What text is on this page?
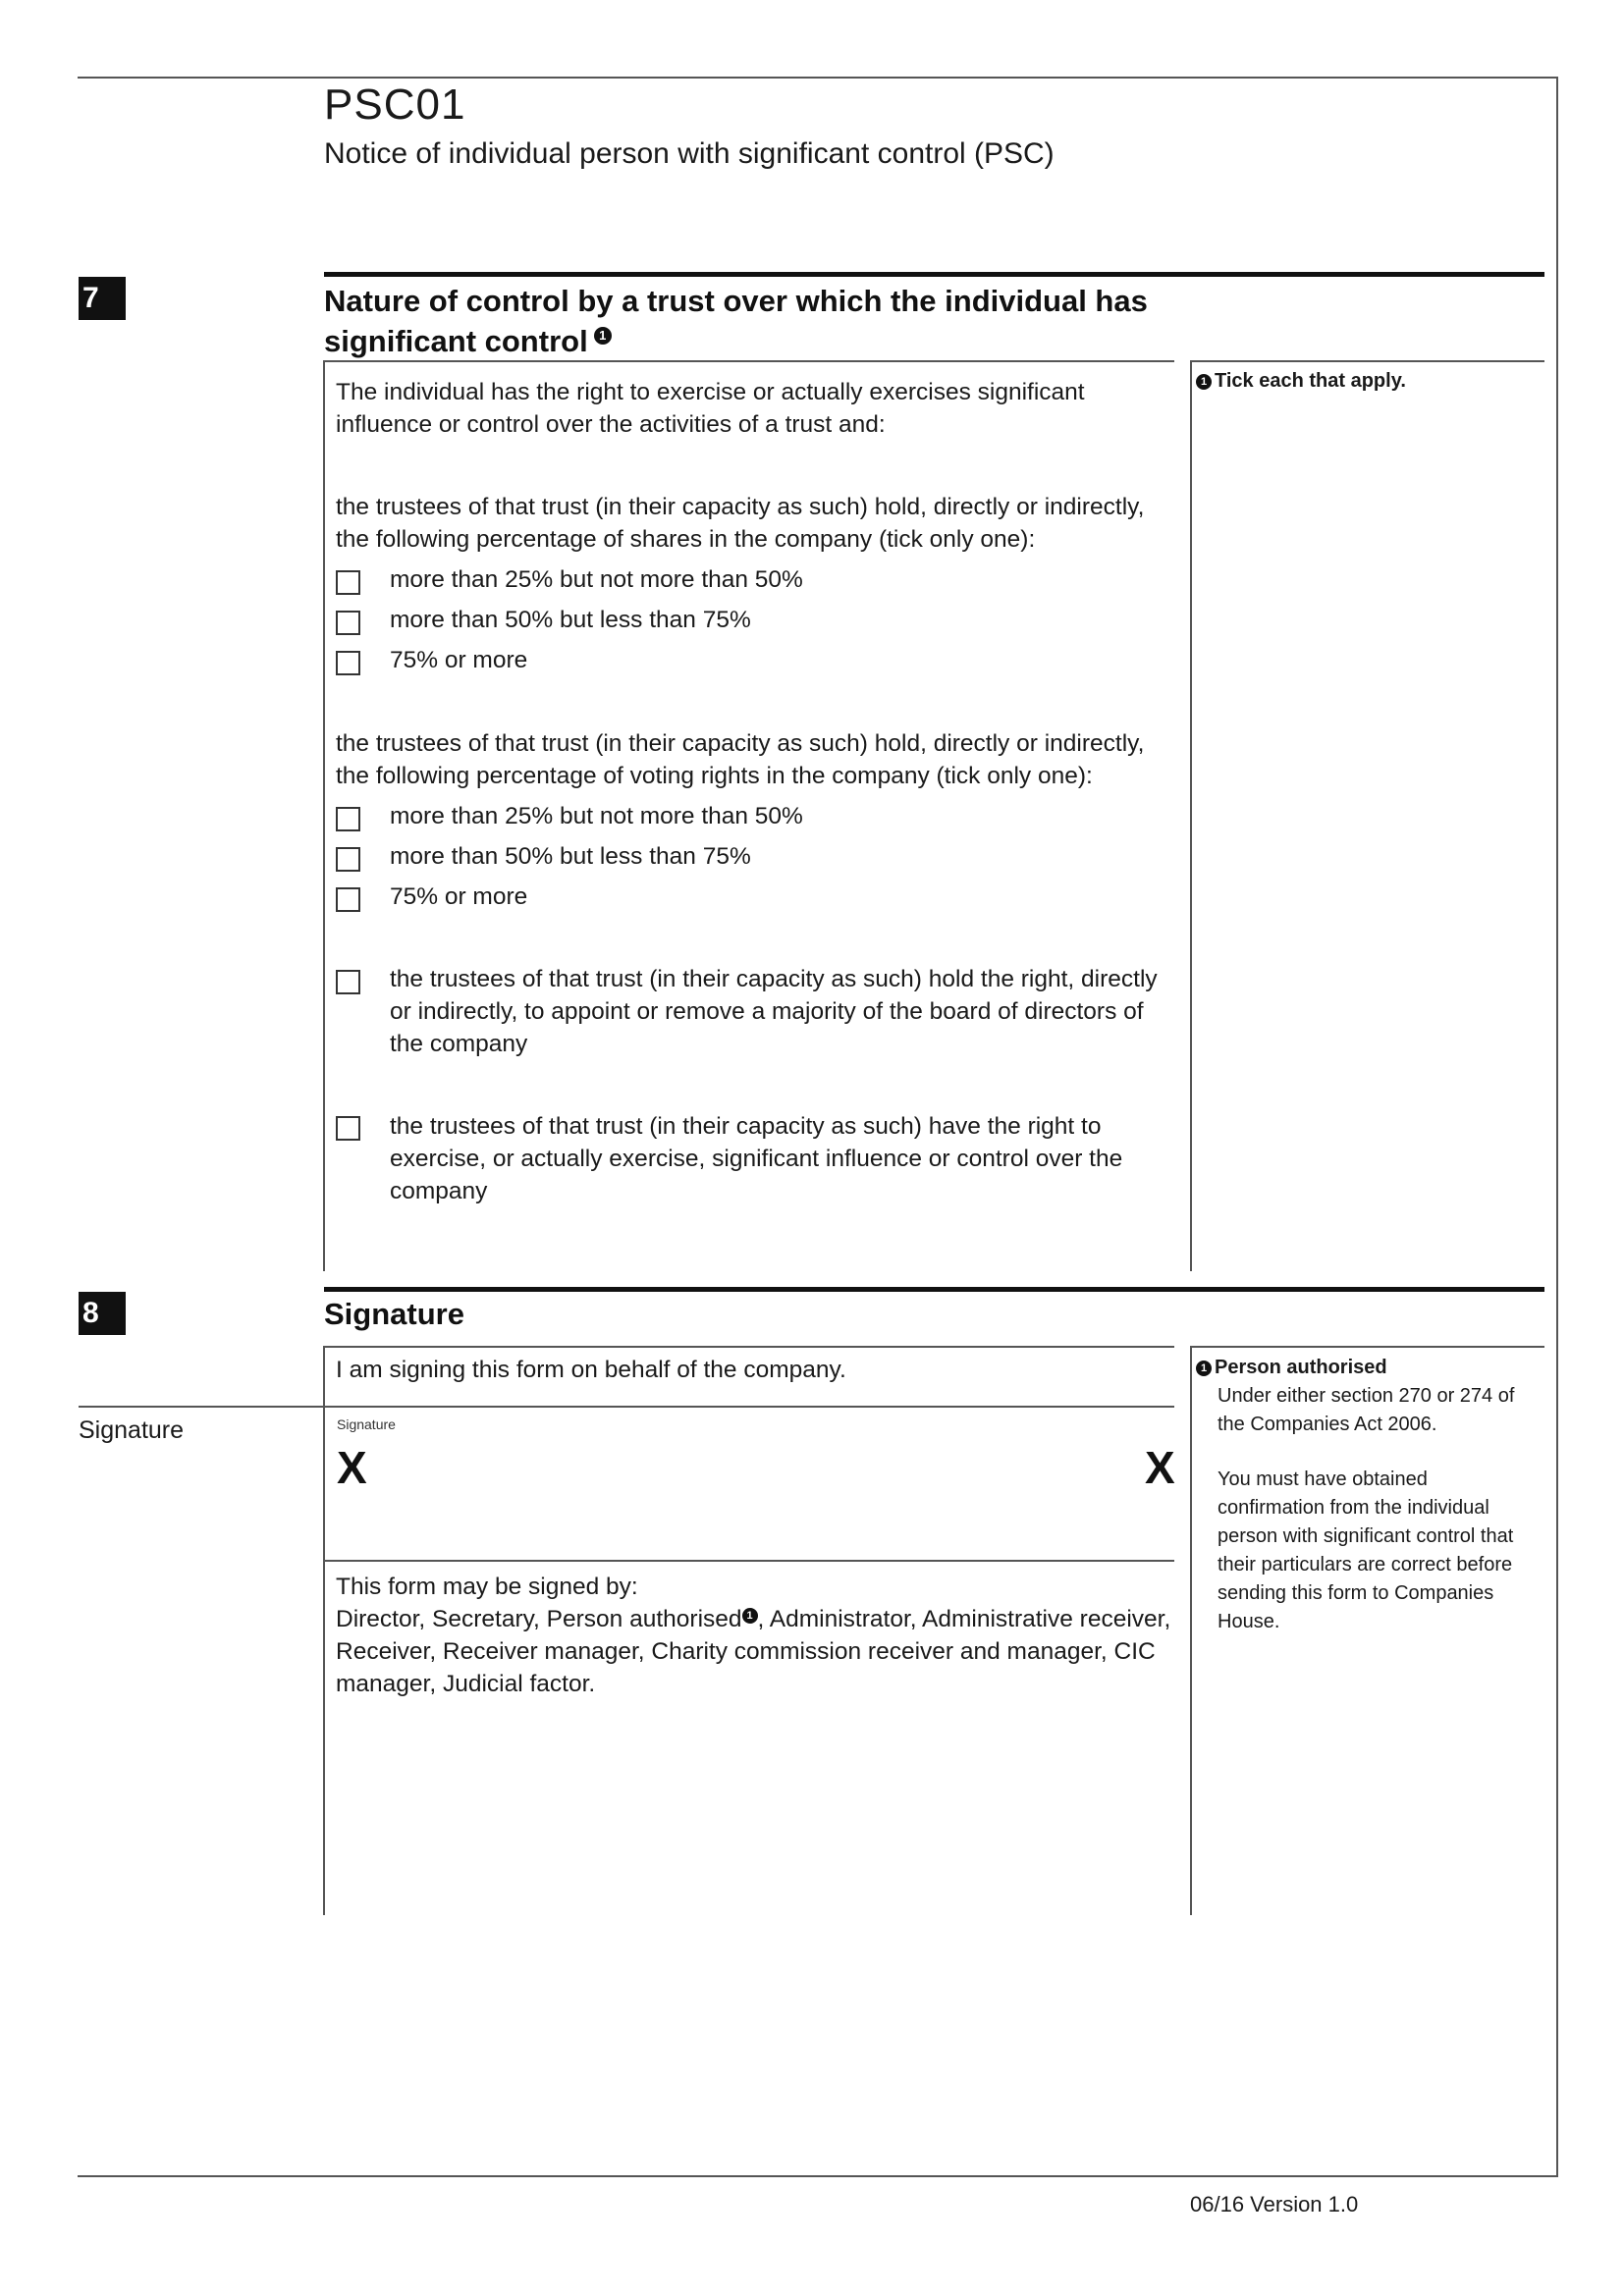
PSC01
Notice of individual person with significant control (PSC)
7	Nature of control by a trust over which the individual has
significant control 1
1 Tick each that apply.
The individual has the right to exercise or actually exercises significant
influence or control over the activities of a trust and:
the trustees of that trust (in their capacity as such) hold, directly or indirectly,
the following percentage of shares in the company (tick only one):
more than 25% but not more than 50%
more than 50% but less than 75%
75% or more
the trustees of that trust (in their capacity as such) hold, directly or indirectly,
the following percentage of voting rights in the company (tick only one):
more than 25% but not more than 50%
more than 50% but less than 75%
75% or more
the trustees of that trust (in their capacity as such) hold the right, directly
or indirectly, to appoint or remove a majority of the board of directors of
the company
the trustees of that trust (in their capacity as such) have the right to
exercise, or actually exercise, significant influence or control over the
company
8	Signature
I am signing this form on behalf of the company.
Signature	Signature
X	X
This form may be signed by:
Director, Secretary, Person authorised 1 , Administrator, Administrative receiver,
Receiver, Receiver manager, Charity commission receiver and manager, CIC
manager, Judicial factor.
1 Person authorised
Under either section 270 or 274 of
the Companies Act 2006.
You must have obtained
confirmation from the individual
person with significant control that
their particulars are correct before
sending this form to Companies
House.
06/16 Version 1.0
